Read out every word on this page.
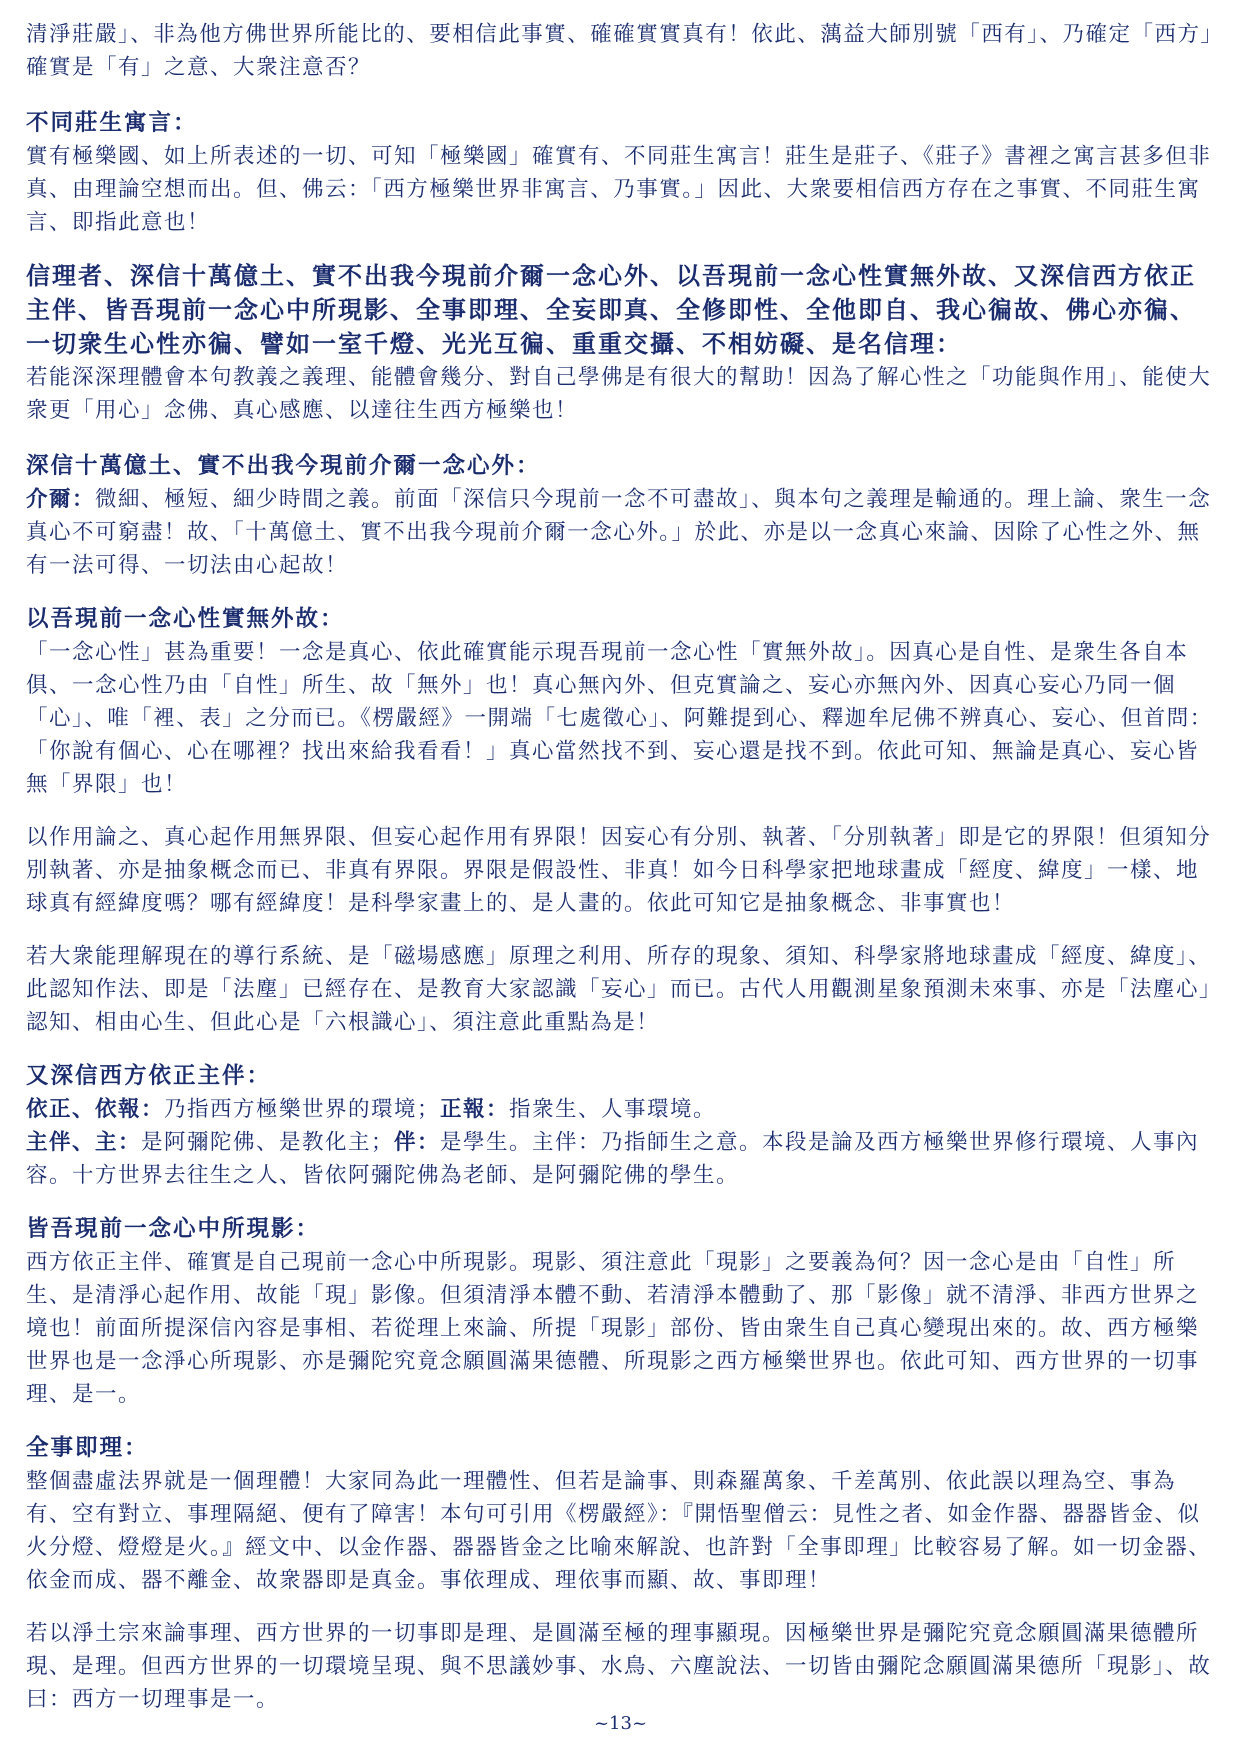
清淨莊嚴」、非為他方佛世界所能比的、要相信此事實、確確實實真有！依此、蕅益大師別號「西有」、乃確定「西方」確實是「有」之意、大衆注意否？

不同莊生寓言：

實有極樂國、如上所表述的一切、可知「極樂國」確實有、不同莊生寓言！莊生是莊子、《莊子》書裡之寓言甚多但非真、由理論空想而出。但、佛云：「西方極樂世界非寓言、乃事實。」因此、大衆要相信西方存在之事實、不同莊生寓言、即指此意也！

信理者、深信十萬億土、實不出我今現前介爾一念心外、以吾現前一念心性實無外故、又深信西方依正主伴、皆吾現前一念心中所現影、全事即理、全妄即真、全修即性、全他即自、我心徧故、佛心亦徧、一切衆生心性亦徧、譬如一室千燈、光光互徧、重重交攝、不相妨礙、是名信理：

若能深深理體會本句教義之義理、能體會幾分、對自己學佛是有很大的幫助！因為了解心性之「功能與作用」、能使大衆更「用心」念佛、真心感應、以達往生西方極樂也！

深信十萬億土、實不出我今現前介爾一念心外：

介爾：微細、極短、細少時間之義。前面「深信只今現前一念不可盡故」、與本句之義理是輸通的。理上論、衆生一念真心不可窮盡！故、「十萬億土、實不出我今現前介爾一念心外。」於此、亦是以一念真心來論、因除了心性之外、無有一法可得、一切法由心起故！

以吾現前一念心性實無外故：

「一念心性」甚為重要！一念是真心、依此確實能示現吾現前一念心性「實無外故」。因真心是自性、是衆生各自本俱、一念心性乃由「自性」所生、故「無外」也！真心無內外、但克實論之、妄心亦無內外、因真心妄心乃同一個「心」、唯「裡、表」之分而已。《楞嚴經》一開端「七處徵心」、阿難提到心、釋迦牟尼佛不辨真心、妄心、但首問：「你說有個心、心在哪裡？找出來給我看看！」真心當然找不到、妄心還是找不到。依此可知、無論是真心、妄心皆無「界限」也！

以作用論之、真心起作用無界限、但妄心起作用有界限！因妄心有分別、執著、「分別執著」即是它的界限！但須知分別執著、亦是抽象概念而已、非真有界限。界限是假設性、非真！如今日科學家把地球畫成「經度、緯度」一樣、地球真有經緯度嗎？哪有經緯度！是科學家畫上的、是人畫的。依此可知它是抽象概念、非事實也！

若大衆能理解現在的導行系統、是「磁場感應」原理之利用、所存的現象、須知、科學家將地球畫成「經度、緯度」、此認知作法、即是「法塵」已經存在、是教育大家認識「妄心」而已。古代人用觀測星象預測未來事、亦是「法塵心」認知、相由心生、但此心是「六根識心」、須注意此重點為是！

又深信西方依正主伴：

依正、依報：乃指西方極樂世界的環境；正報：指衆生、人事環境。

主伴、主：是阿彌陀佛、是教化主；伴：是學生。主伴：乃指師生之意。本段是論及西方極樂世界修行環境、人事內容。十方世界去往生之人、皆依阿彌陀佛為老師、是阿彌陀佛的學生。

皆吾現前一念心中所現影：

西方依正主伴、確實是自己現前一念心中所現影。現影、須注意此「現影」之要義為何？因一念心是由「自性」所生、是清淨心起作用、故能「現」影像。但須清淨本體不動、若清淨本體動了、那「影像」就不清淨、非西方世界之境也！前面所提深信內容是事相、若從理上來論、所提「現影」部份、皆由衆生自己真心變現出來的。故、西方極樂世界也是一念淨心所現影、亦是彌陀究竟念願圓滿果德體、所現影之西方極樂世界也。依此可知、西方世界的一切事理、是一。

全事即理：

整個盡虛法界就是一個理體！大家同為此一理體性、但若是論事、則森羅萬象、千差萬別、依此誤以理為空、事為有、空有對立、事理隔絕、便有了障害！本句可引用《楞嚴經》：『開悟聖僧云：見性之者、如金作器、器器皆金、似火分燈、燈燈是火。』經文中、以金作器、器器皆金之比喻來解說、也許對「全事即理」比較容易了解。如一切金器、依金而成、器不離金、故衆器即是真金。事依理成、理依事而顯、故、事即理！

若以淨土宗來論事理、西方世界的一切事即是理、是圓滿至極的理事顯現。因極樂世界是彌陀究竟念願圓滿果德體所現、是理。但西方世界的一切環境呈現、與不思議妙事、水鳥、六塵說法、一切皆由彌陀念願圓滿果德所「現影」、故曰：西方一切理事是一。

~13~
